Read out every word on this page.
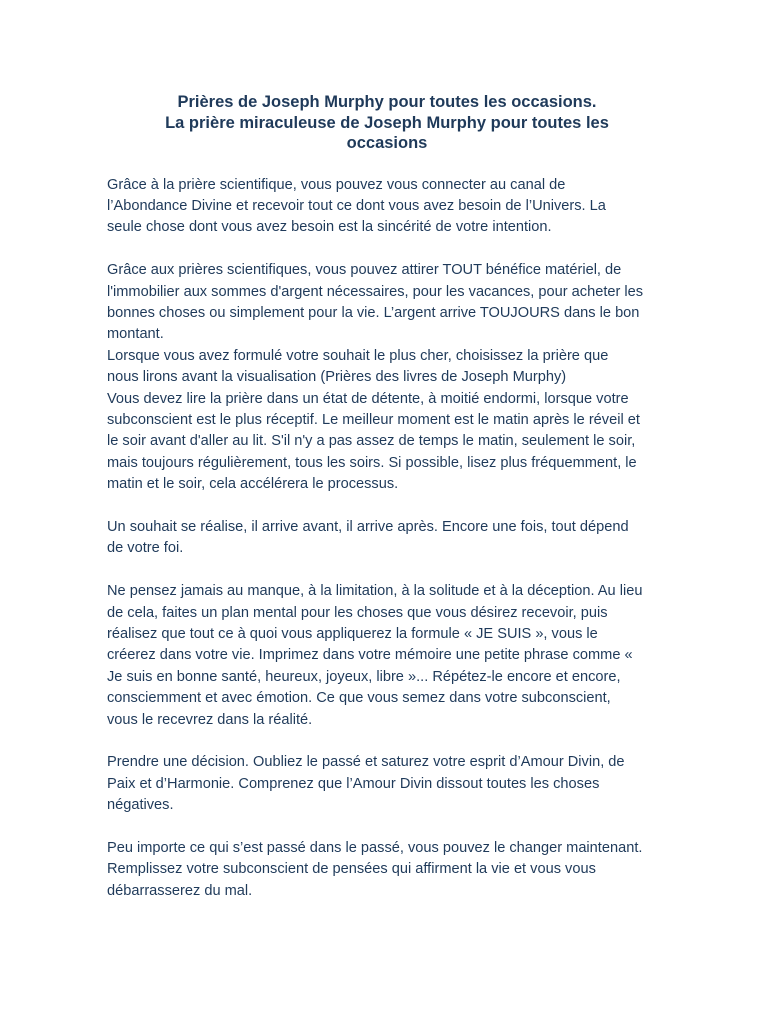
Prières de Joseph Murphy pour toutes les occasions.
La prière miraculeuse de Joseph Murphy pour toutes les
occasions

Grâce à la prière scientifique, vous pouvez vous connecter au canal de
l’Abondance Divine et recevoir tout ce dont vous avez besoin de l’Univers. La
seule chose dont vous avez besoin est la sincérité de votre intention.

Grâce aux prières scientifiques, vous pouvez attirer TOUT bénéfice matériel, de
l'immobilier aux sommes d'argent nécessaires, pour les vacances, pour acheter les
bonnes choses ou simplement pour la vie. L’argent arrive TOUJOURS dans le bon
montant.

Lorsque vous avez formulé votre souhait le plus cher, choisissez la prière que
nous lirons avant la visualisation (Prières des livres de Joseph Murphy)

Vous devez lire la prière dans un état de détente, à moitié endormi, lorsque votre
subconscient est le plus réceptif. Le meilleur moment est le matin après le réveil et
le soir avant d'aller au lit. S'il n'y a pas assez de temps le matin, seulement le soir,
mais toujours régulièrement, tous les soirs. Si possible, lisez plus fréquemment, le
matin et le soir, cela accélérera le processus.

Un souhait se réalise, il arrive avant, il arrive après. Encore une fois, tout dépend
de votre foi.

Ne pensez jamais au manque, à la limitation, à la solitude et à la déception. Au lieu
de cela, faites un plan mental pour les choses que vous désirez recevoir, puis
réalisez que tout ce à quoi vous appliquerez la formule « JE SUIS », vous le
créerez dans votre vie. Imprimez dans votre mémoire une petite phrase comme «
Je suis en bonne santé, heureux, joyeux, libre »... Répétez-le encore et encore,
consciemment et avec émotion. Ce que vous semez dans votre subconscient,
vous le recevrez dans la réalité.

Prendre une décision. Oubliez le passé et saturez votre esprit d’Amour Divin, de
Paix et d’Harmonie. Comprenez que l’Amour Divin dissout toutes les choses
négatives.

Peu importe ce qui s’est passé dans le passé, vous pouvez le changer maintenant.
Remplissez votre subconscient de pensées qui affirment la vie et vous vous
débarrasserez du mal.
